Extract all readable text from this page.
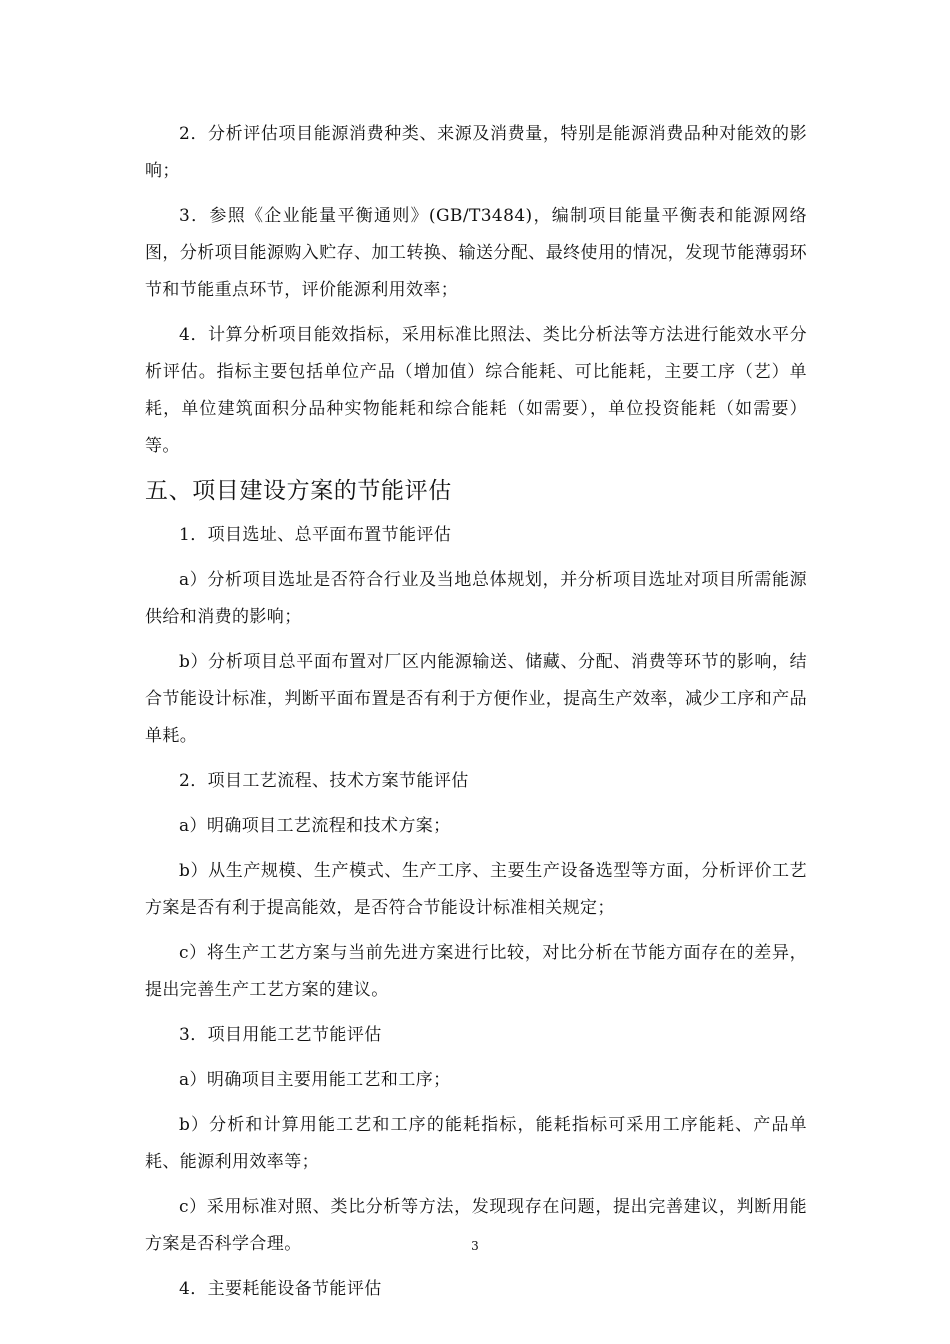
2．分析评估项目能源消费种类、来源及消费量，特别是能源消费品种对能效的影响；

3．参照《企业能量平衡通则》(GB/T3484)，编制项目能量平衡表和能源网络图，分析项目能源购入贮存、加工转换、输送分配、最终使用的情况，发现节能薄弱环节和节能重点环节，评价能源利用效率；

4．计算分析项目能效指标，采用标准比照法、类比分析法等方法进行能效水平分析评估。指标主要包括单位产品（增加值）综合能耗、可比能耗，主要工序（艺）单耗，单位建筑面积分品种实物能耗和综合能耗（如需要），单位投资能耗（如需要）等。

五、项目建设方案的节能评估

1．项目选址、总平面布置节能评估

a）分析项目选址是否符合行业及当地总体规划，并分析项目选址对项目所需能源供给和消费的影响；

b）分析项目总平面布置对厂区内能源输送、储藏、分配、消费等环节的影响，结合节能设计标准，判断平面布置是否有利于方便作业，提高生产效率，减少工序和产品单耗。

2．项目工艺流程、技术方案节能评估

a）明确项目工艺流程和技术方案；

b）从生产规模、生产模式、生产工序、主要生产设备选型等方面，分析评价工艺方案是否有利于提高能效，是否符合节能设计标准相关规定；

c）将生产工艺方案与当前先进方案进行比较，对比分析在节能方面存在的差异，提出完善生产工艺方案的建议。

3．项目用能工艺节能评估

a）明确项目主要用能工艺和工序；

b）分析和计算用能工艺和工序的能耗指标，能耗指标可采用工序能耗、产品单耗、能源利用效率等；

c）采用标准对照、类比分析等方法，发现现存在问题，提出完善建议，判断用能方案是否科学合理。

4．主要耗能设备节能评估

3
